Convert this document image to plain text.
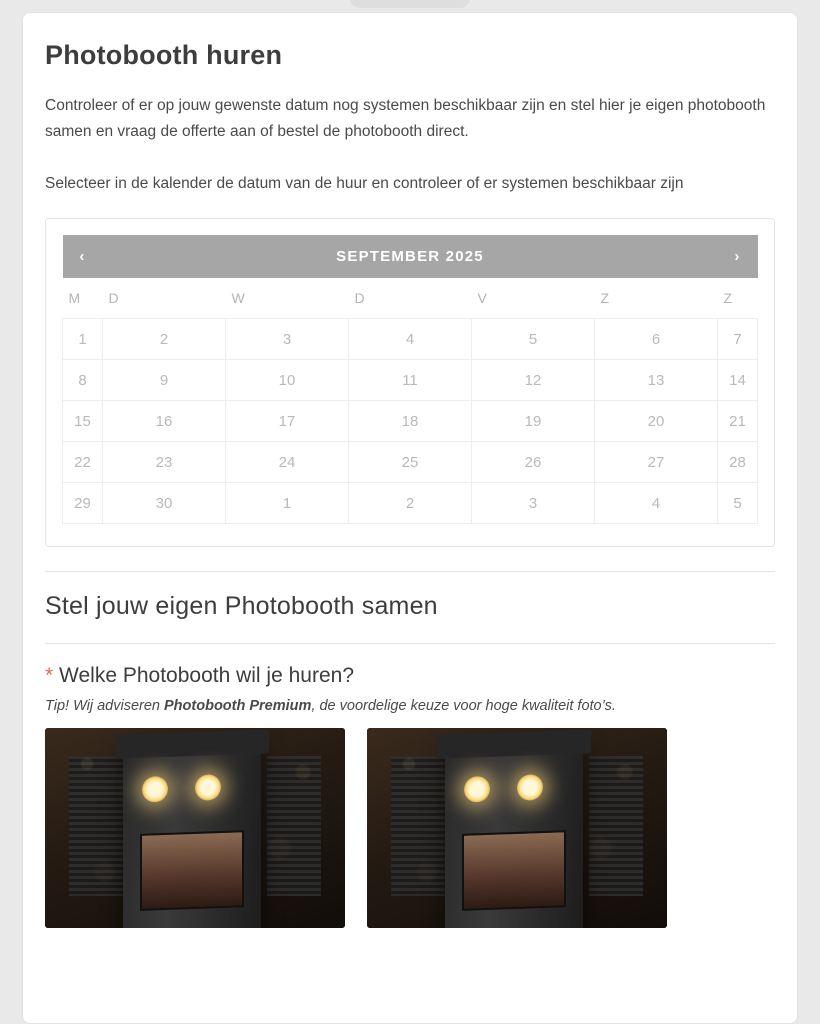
Photobooth huren

Controleer of er op jouw gewenste datum nog systemen beschikbaar zijn en stel hier je eigen photobooth samen en vraag de offerte aan of bestel de photobooth direct.

Selecteer in de kalender de datum van de huur en controleer of er systemen beschikbaar zijn

‹	SEPTEMBER 2025					›
M	D	W	D	V	Z	Z
1	2	3	4	5	6	7
8	9	10	11	12	13	14
15	16	17	18	19	20	21
22	23	24	25	26	27	28
29	30	1	2	3	4	5
Stel jouw eigen Photobooth samen
* Welke Photobooth wil je huren?

Tip! Wij adviseren Photobooth Premium, de voordelige keuze voor hoge kwaliteit foto’s.
